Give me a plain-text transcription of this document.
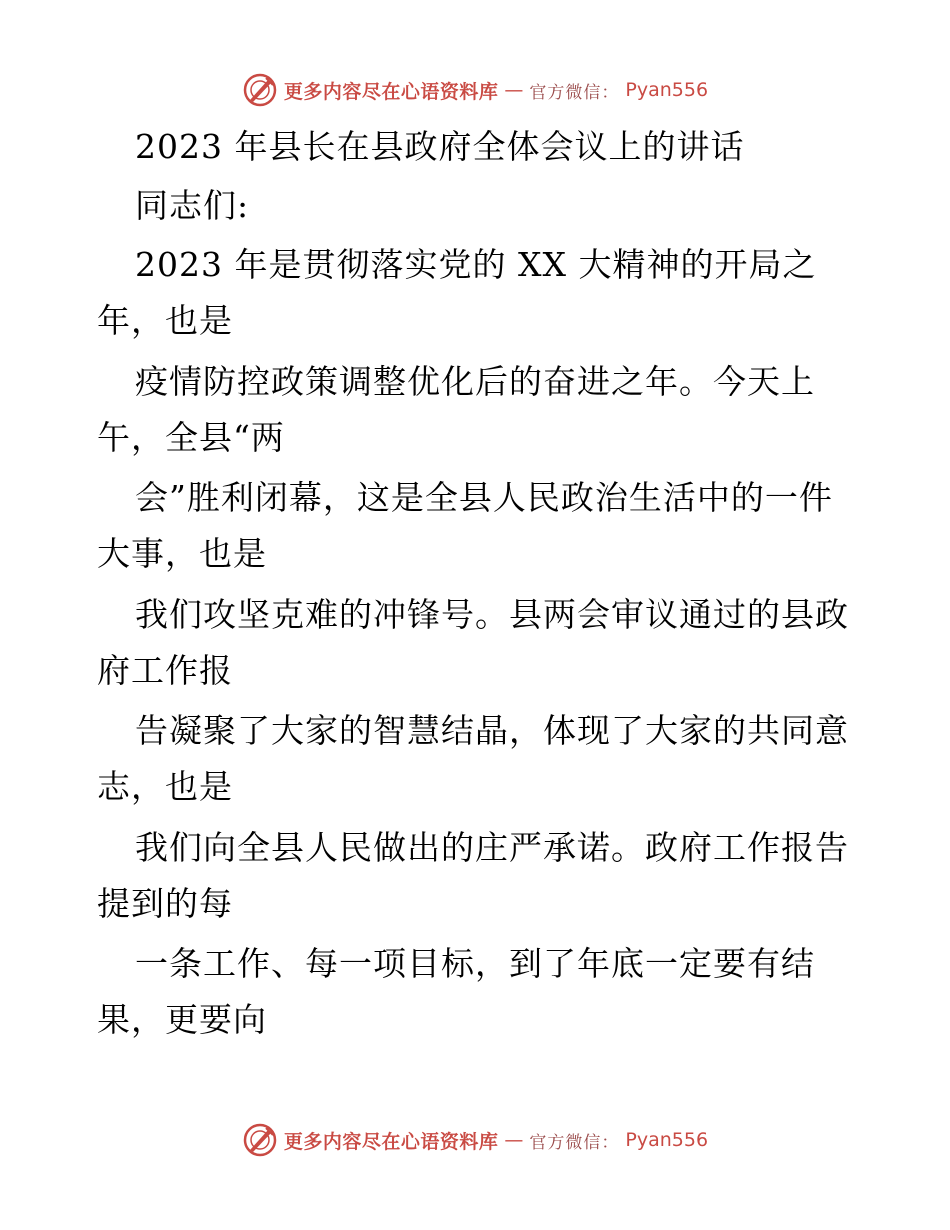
更多内容尽在心语资料库 — 官方微信： Pyan556
2023 年县长在县政府全体会议上的讲话
同志们:
2023 年是贯彻落实党的 XX 大精神的开局之
年，也是
疫情防控政策调整优化后的奋进之年。今天上
午，全县“两
会”胜利闭幕，这是全县人民政治生活中的一件
大事，也是
我们攻坚克难的冲锋号。县两会审议通过的县政
府工作报
告凝聚了大家的智慧结晶，体现了大家的共同意
志，也是
我们向全县人民做出的庄严承诺。政府工作报告
提到的每
一条工作、每一项目标，到了年底一定要有结
果，更要向
更多内容尽在心语资料库 — 官方微信： Pyan556
